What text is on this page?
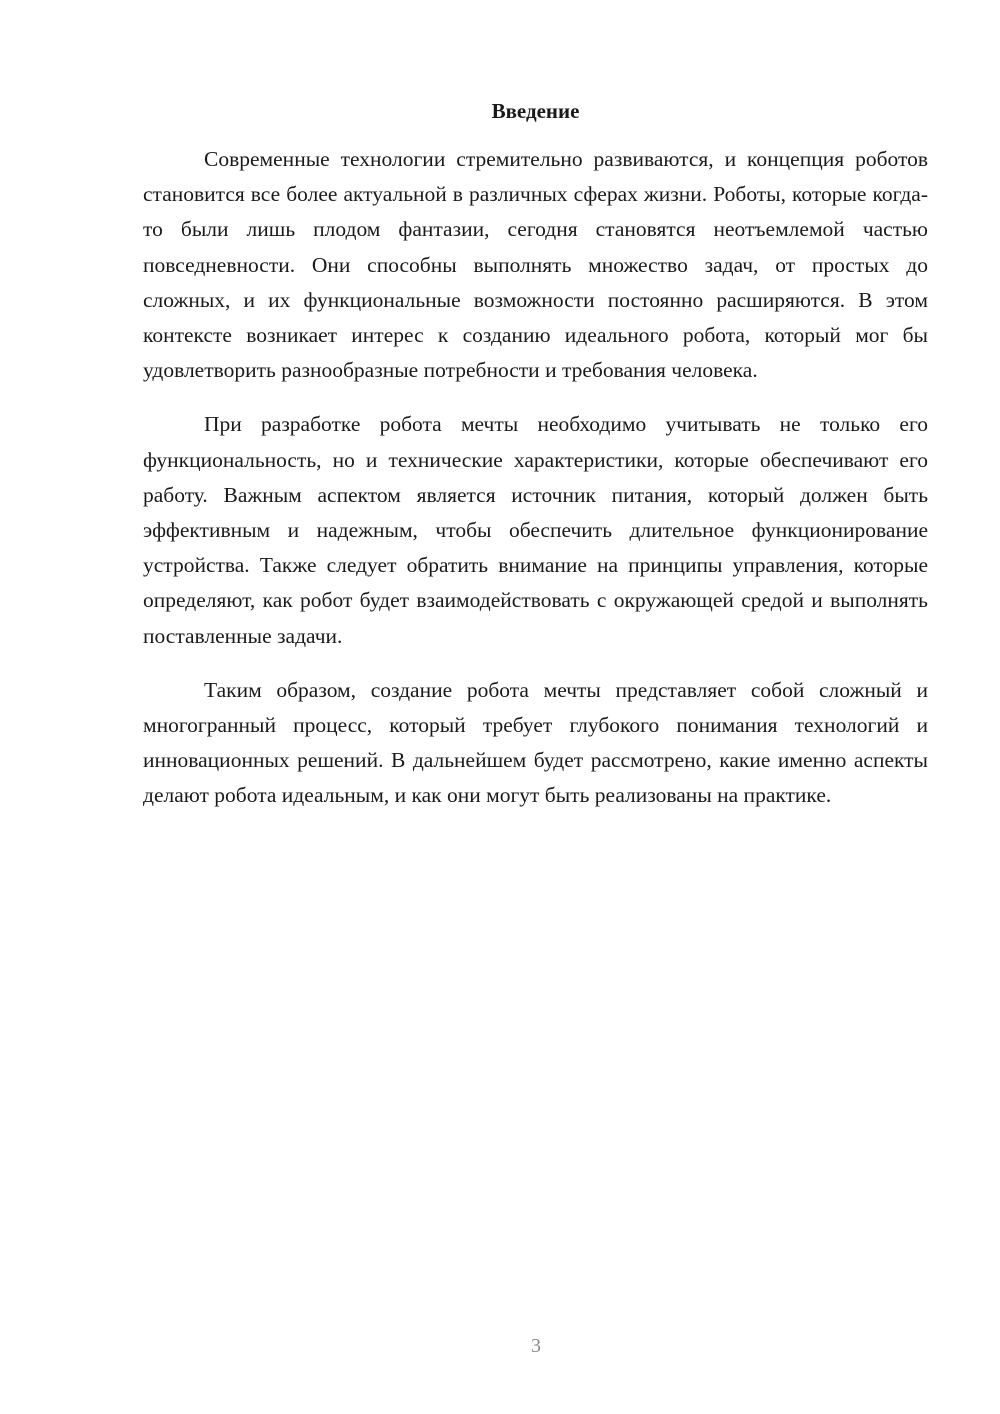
Введение

Современные технологии стремительно развиваются, и концепция роботов становится все более актуальной в различных сферах жизни. Роботы, которые когда-то были лишь плодом фантазии, сегодня становятся неотъемлемой частью повседневности. Они способны выполнять множество задач, от простых до сложных, и их функциональные возможности постоянно расширяются. В этом контексте возникает интерес к созданию идеального робота, который мог бы удовлетворить разнообразные потребности и требования человека.

При разработке робота мечты необходимо учитывать не только его функциональность, но и технические характеристики, которые обеспечивают его работу. Важным аспектом является источник питания, который должен быть эффективным и надежным, чтобы обеспечить длительное функционирование устройства. Также следует обратить внимание на принципы управления, которые определяют, как робот будет взаимодействовать с окружающей средой и выполнять поставленные задачи.

Таким образом, создание робота мечты представляет собой сложный и многогранный процесс, который требует глубокого понимания технологий и инновационных решений. В дальнейшем будет рассмотрено, какие именно аспекты делают робота идеальным, и как они могут быть реализованы на практике.

3
